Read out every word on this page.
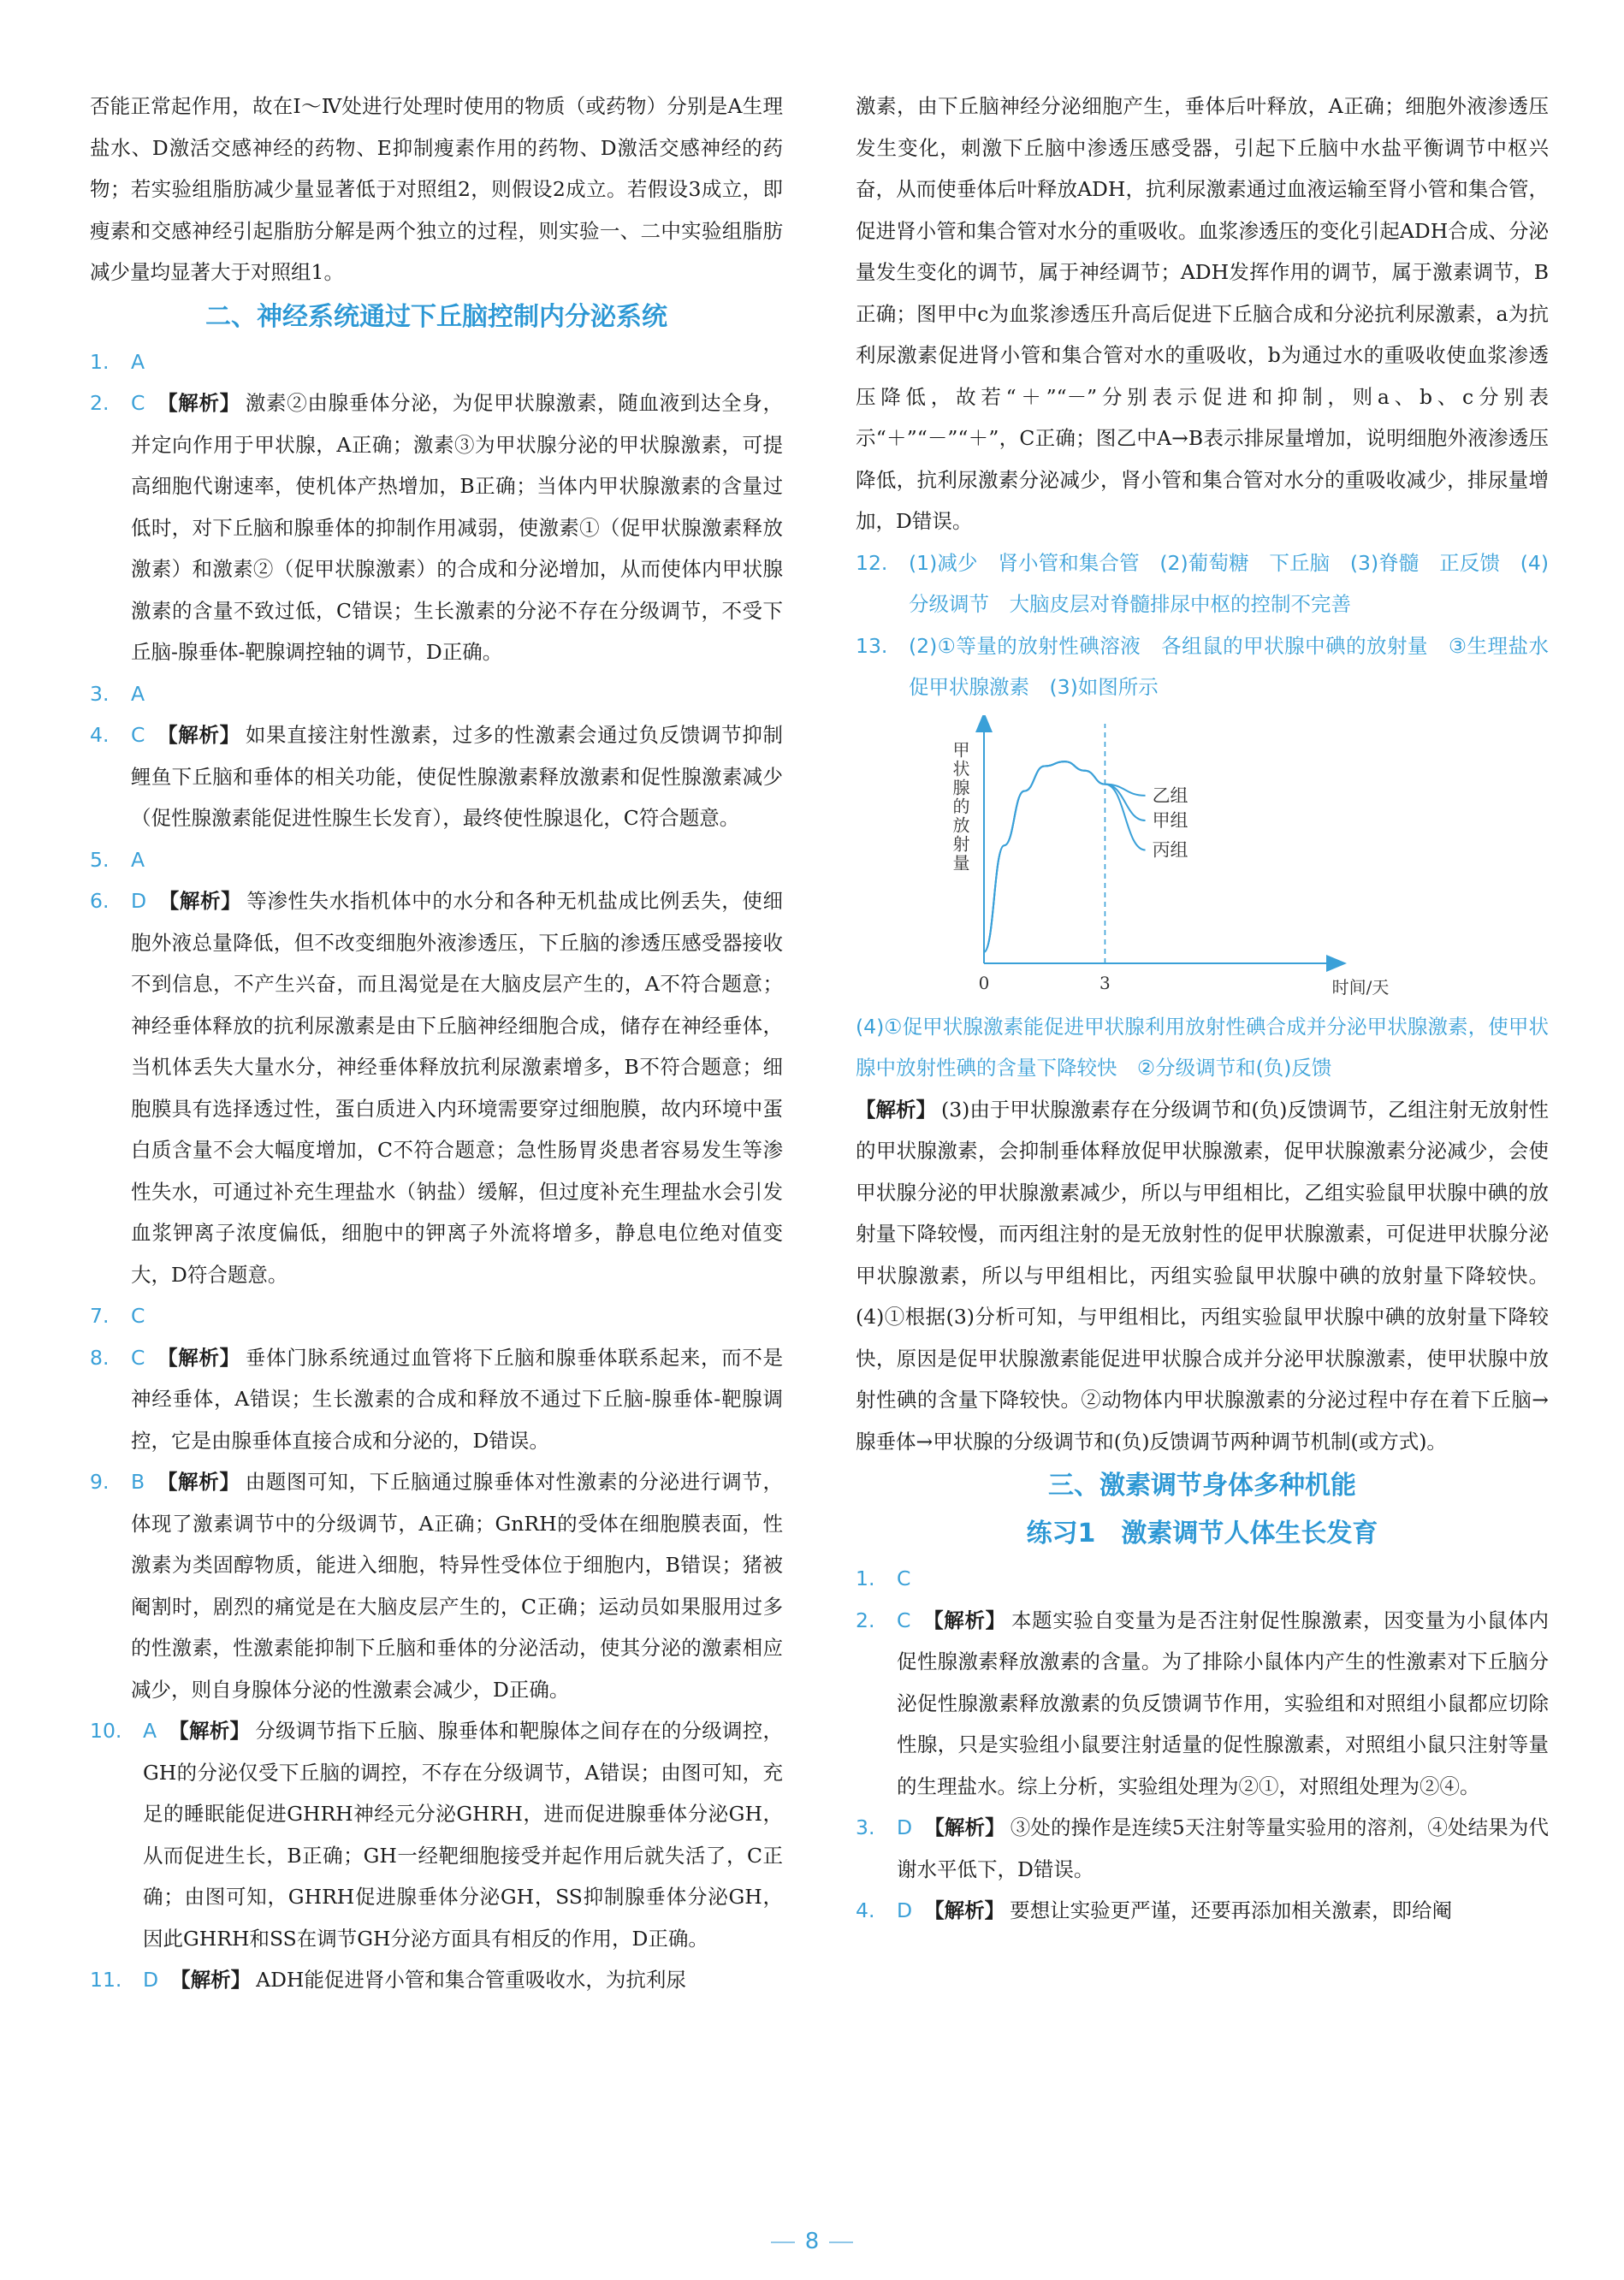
否能正常起作用，故在Ⅰ～Ⅳ处进行处理时使用的物质（或药物）分别是A生理盐水、D激活交感神经的药物、E抑制瘦素作用的药物、D激活交感神经的药物；若实验组脂肪减少量显著低于对照组2，则假设2成立。若假设3成立，即瘦素和交感神经引起脂肪分解是两个独立的过程，则实验一、二中实验组脂肪减少量均显著大于对照组1。

二、神经系统通过下丘脑控制内分泌系统
1.	A
2.	C 【解析】 激素②由腺垂体分泌，为促甲状腺激素，随血液到达全身，并定向作用于甲状腺，A正确；激素③为甲状腺分泌的甲状腺激素，可提高细胞代谢速率，使机体产热增加，B正确；当体内甲状腺激素的含量过低时，对下丘脑和腺垂体的抑制作用减弱，使激素①（促甲状腺激素释放激素）和激素②（促甲状腺激素）的合成和分泌增加，从而使体内甲状腺激素的含量不致过低，C错误；生长激素的分泌不存在分级调节，不受下丘脑-腺垂体-靶腺调控轴的调节，D正确。
3.	A
4.	C 【解析】 如果直接注射性激素，过多的性激素会通过负反馈调节抑制鲤鱼下丘脑和垂体的相关功能，使促性腺激素释放激素和促性腺激素减少（促性腺激素能促进性腺生长发育），最终使性腺退化，C符合题意。
5.	A
6.	D 【解析】 等渗性失水指机体中的水分和各种无机盐成比例丢失，使细胞外液总量降低，但不改变细胞外液渗透压，下丘脑的渗透压感受器接收不到信息，不产生兴奋，而且渴觉是在大脑皮层产生的，A不符合题意；神经垂体释放的抗利尿激素是由下丘脑神经细胞合成，储存在神经垂体，当机体丢失大量水分，神经垂体释放抗利尿激素增多，B不符合题意；细胞膜具有选择透过性，蛋白质进入内环境需要穿过细胞膜，故内环境中蛋白质含量不会大幅度增加，C不符合题意；急性肠胃炎患者容易发生等渗性失水，可通过补充生理盐水（钠盐）缓解，但过度补充生理盐水会引发血浆钾离子浓度偏低，细胞中的钾离子外流将增多，静息电位绝对值变大，D符合题意。
7.	C
8.	C 【解析】 垂体门脉系统通过血管将下丘脑和腺垂体联系起来，而不是神经垂体，A错误；生长激素的合成和释放不通过下丘脑-腺垂体-靶腺调控，它是由腺垂体直接合成和分泌的，D错误。
9.	B 【解析】 由题图可知，下丘脑通过腺垂体对性激素的分泌进行调节，体现了激素调节中的分级调节，A正确；GnRH的受体在细胞膜表面，性激素为类固醇物质，能进入细胞，特异性受体位于细胞内，B错误；猪被阉割时，剧烈的痛觉是在大脑皮层产生的，C正确；运动员如果服用过多的性激素，性激素能抑制下丘脑和垂体的分泌活动，使其分泌的激素相应减少，则自身腺体分泌的性激素会减少，D正确。
10.	A 【解析】 分级调节指下丘脑、腺垂体和靶腺体之间存在的分级调控，GH的分泌仅受下丘脑的调控，不存在分级调节，A错误；由图可知，充足的睡眠能促进GHRH神经元分泌GHRH，进而促进腺垂体分泌GH，从而促进生长，B正确；GH一经靶细胞接受并起作用后就失活了，C正确；由图可知，GHRH促进腺垂体分泌GH，SS抑制腺垂体分泌GH，因此GHRH和SS在调节GH分泌方面具有相反的作用，D正确。
11.	D 【解析】 ADH能促进肾小管和集合管重吸收水，为抗利尿

激素，由下丘脑神经分泌细胞产生，垂体后叶释放，A正确；细胞外液渗透压发生变化，刺激下丘脑中渗透压感受器，引起下丘脑中水盐平衡调节中枢兴奋，从而使垂体后叶释放ADH，抗利尿激素通过血液运输至肾小管和集合管，促进肾小管和集合管对水分的重吸收。血浆渗透压的变化引起ADH合成、分泌量发生变化的调节，属于神经调节；ADH发挥作用的调节，属于激素调节，B正确；图甲中c为血浆渗透压升高后促进下丘脑合成和分泌抗利尿激素，a为抗利尿激素促进肾小管和集合管对水的重吸收，b为通过水的重吸收使血浆渗透压降低，故若“＋”“－”分别表示促进和抑制，则a、b、c分别表示“＋”“－”“＋”，C正确；图乙中A→B表示排尿量增加，说明细胞外液渗透压降低，抗利尿激素分泌减少，肾小管和集合管对水分的重吸收减少，排尿量增加，D错误。

12.	(1)减少　肾小管和集合管　(2)葡萄糖　下丘脑　(3)脊髓　正反馈　(4)分级调节　大脑皮层对脊髓排尿中枢的控制不完善
13.	(2)①等量的放射性碘溶液　各组鼠的甲状腺中碘的放射量　③生理盐水　促甲状腺激素　(3)如图所示
0	3	时间/天
甲状腺的放射量	乙组
甲组
丙组

(4)①促甲状腺激素能促进甲状腺利用放射性碘合成并分泌甲状腺激素，使甲状腺中放射性碘的含量下降较快　②分级调节和(负)反馈

【解析】 (3)由于甲状腺激素存在分级调节和(负)反馈调节，乙组注射无放射性的甲状腺激素，会抑制垂体释放促甲状腺激素，促甲状腺激素分泌减少，会使甲状腺分泌的甲状腺激素减少，所以与甲组相比，乙组实验鼠甲状腺中碘的放射量下降较慢，而丙组注射的是无放射性的促甲状腺激素，可促进甲状腺分泌甲状腺激素，所以与甲组相比，丙组实验鼠甲状腺中碘的放射量下降较快。(4)①根据(3)分析可知，与甲组相比，丙组实验鼠甲状腺中碘的放射量下降较快，原因是促甲状腺激素能促进甲状腺合成并分泌甲状腺激素，使甲状腺中放射性碘的含量下降较快。②动物体内甲状腺激素的分泌过程中存在着下丘脑→腺垂体→甲状腺的分级调节和(负)反馈调节两种调节机制(或方式)。

三、激素调节身体多种机能
练习1　激素调节人体生长发育
1.	C
2.	C 【解析】 本题实验自变量为是否注射促性腺激素，因变量为小鼠体内促性腺激素释放激素的含量。为了排除小鼠体内产生的性激素对下丘脑分泌促性腺激素释放激素的负反馈调节作用，实验组和对照组小鼠都应切除性腺，只是实验组小鼠要注射适量的促性腺激素，对照组小鼠只注射等量的生理盐水。综上分析，实验组处理为②①，对照组处理为②④。
3.	D 【解析】 ③处的操作是连续5天注射等量实验用的溶剂，④处结果为代谢水平低下，D错误。
4.	D 【解析】 要想让实验更严谨，还要再添加相关激素，即给阉
8
